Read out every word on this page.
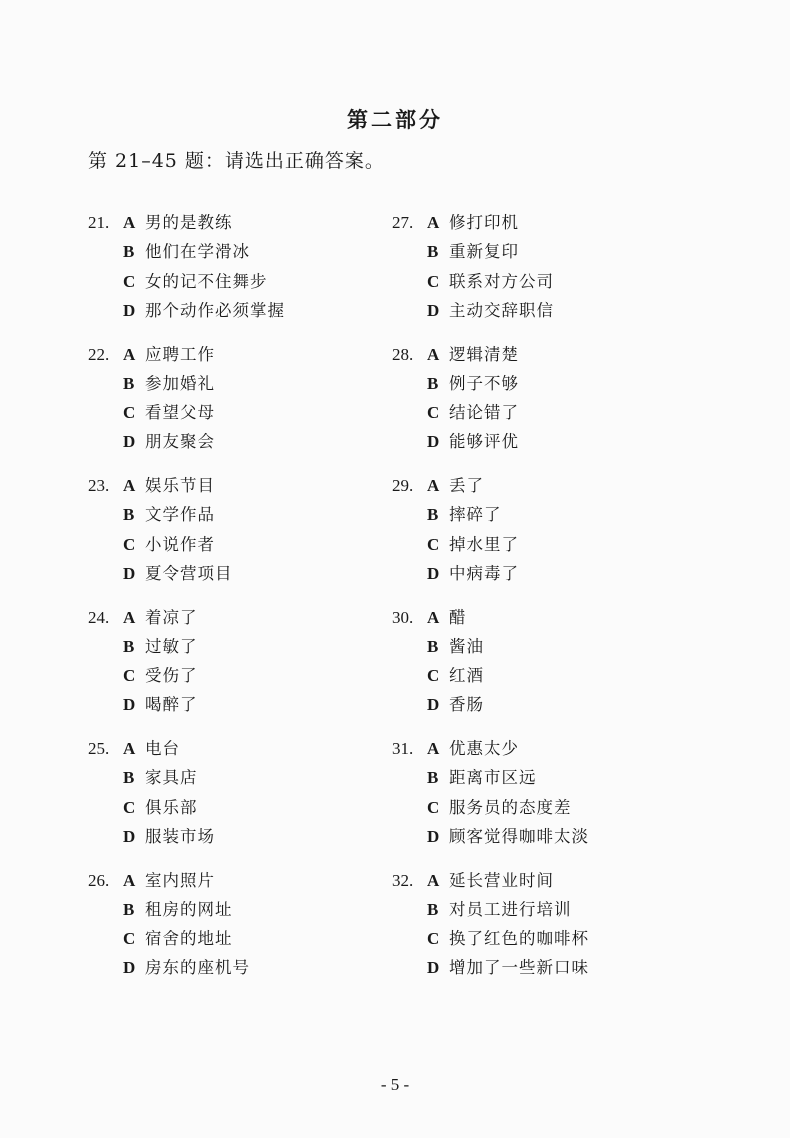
第二部分
第 21–45 题：请选出正确答案。
21. A 男的是教练
B 他们在学滑冰
C 女的记不住舞步
D 那个动作必须掌握
22. A 应聘工作
B 参加婚礼
C 看望父母
D 朋友聚会
23. A 娱乐节目
B 文学作品
C 小说作者
D 夏令营项目
24. A 着凉了
B 过敏了
C 受伤了
D 喝醉了
25. A 电台
B 家具店
C 俱乐部
D 服装市场
26. A 室内照片
B 租房的网址
C 宿舍的地址
D 房东的座机号
27. A 修打印机
B 重新复印
C 联系对方公司
D 主动交辞职信
28. A 逻辑清楚
B 例子不够
C 结论错了
D 能够评优
29. A 丢了
B 摔碎了
C 掉水里了
D 中病毒了
30. A 醋
B 酱油
C 红酒
D 香肠
31. A 优惠太少
B 距离市区远
C 服务员的态度差
D 顾客觉得咖啡太淡
32. A 延长营业时间
B 对员工进行培训
C 换了红色的咖啡杯
D 增加了一些新口味
- 5 -
